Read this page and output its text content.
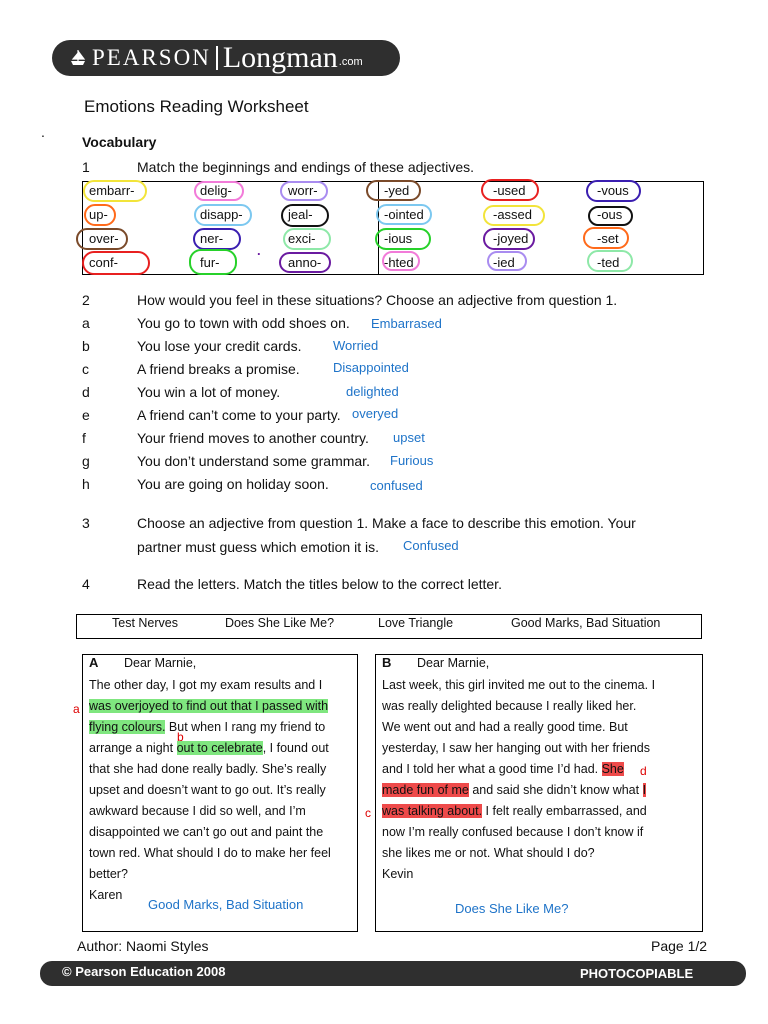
PEARSON Longman .com
Emotions Reading Worksheet
.
Vocabulary
1	Match the beginnings and endings of these adjectives.
embarr-	delig-	worr-
up-	disapp-	jeal-
over-	ner-	exci-
conf-	fur-	anno-
.
-yed	-used	-vous
-ointed	-assed	-ous
-ious	-joyed	-set
-hted	-ied	-ted
2	How would you feel in these situations? Choose an adjective from question 1.
a	You go to town with odd shoes on. Embarrased
b	You lose your credit cards. Worried
c	A friend breaks a promise.	Disappointed
d	You win a lot of money.	delighted
e	A friend can’t come to your party. overyed
f	Your friend moves to another country. upset
g	You don’t understand some grammar. Furious
h	You are going on holiday soon.	confused
3	Choose an adjective from question 1. Make a face to describe this emotion. Your
partner must guess which emotion it is. Confused
4	Read the letters. Match the titles below to the correct letter.
Test Nerves	Does She Like Me?	Love Triangle	Good Marks, Bad Situation
A Dear Marnie,
The other day, I got my exam results and I
was overjoyed to find out that I passed with
flying colours. But when I rang my friend to
arrange a night out to celebrate, I found out
that she had done really badly. She’s really
upset and doesn’t want to go out. It’s really
awkward because I did so well, and I’m
disappointed we can’t go out and paint the
town red. What should I do to make her feel
better?
Karen
Good Marks, Bad Situation
a
b
B Dear Marnie,
Last week, this girl invited me out to the cinema. I
was really delighted because I really liked her.
We went out and had a really good time. But
yesterday, I saw her hanging out with her friends
and I told her what a good time I’d had. She
made fun of me and said she didn’t know what I
was talking about. I felt really embarrassed, and
now I’m really confused because I don’t know if
she likes me or not. What should I do?
Kevin
Does She Like Me?
c
d
Author: Naomi Styles	Page 1/2
© Pearson Education 2008	PHOTOCOPIABLE
